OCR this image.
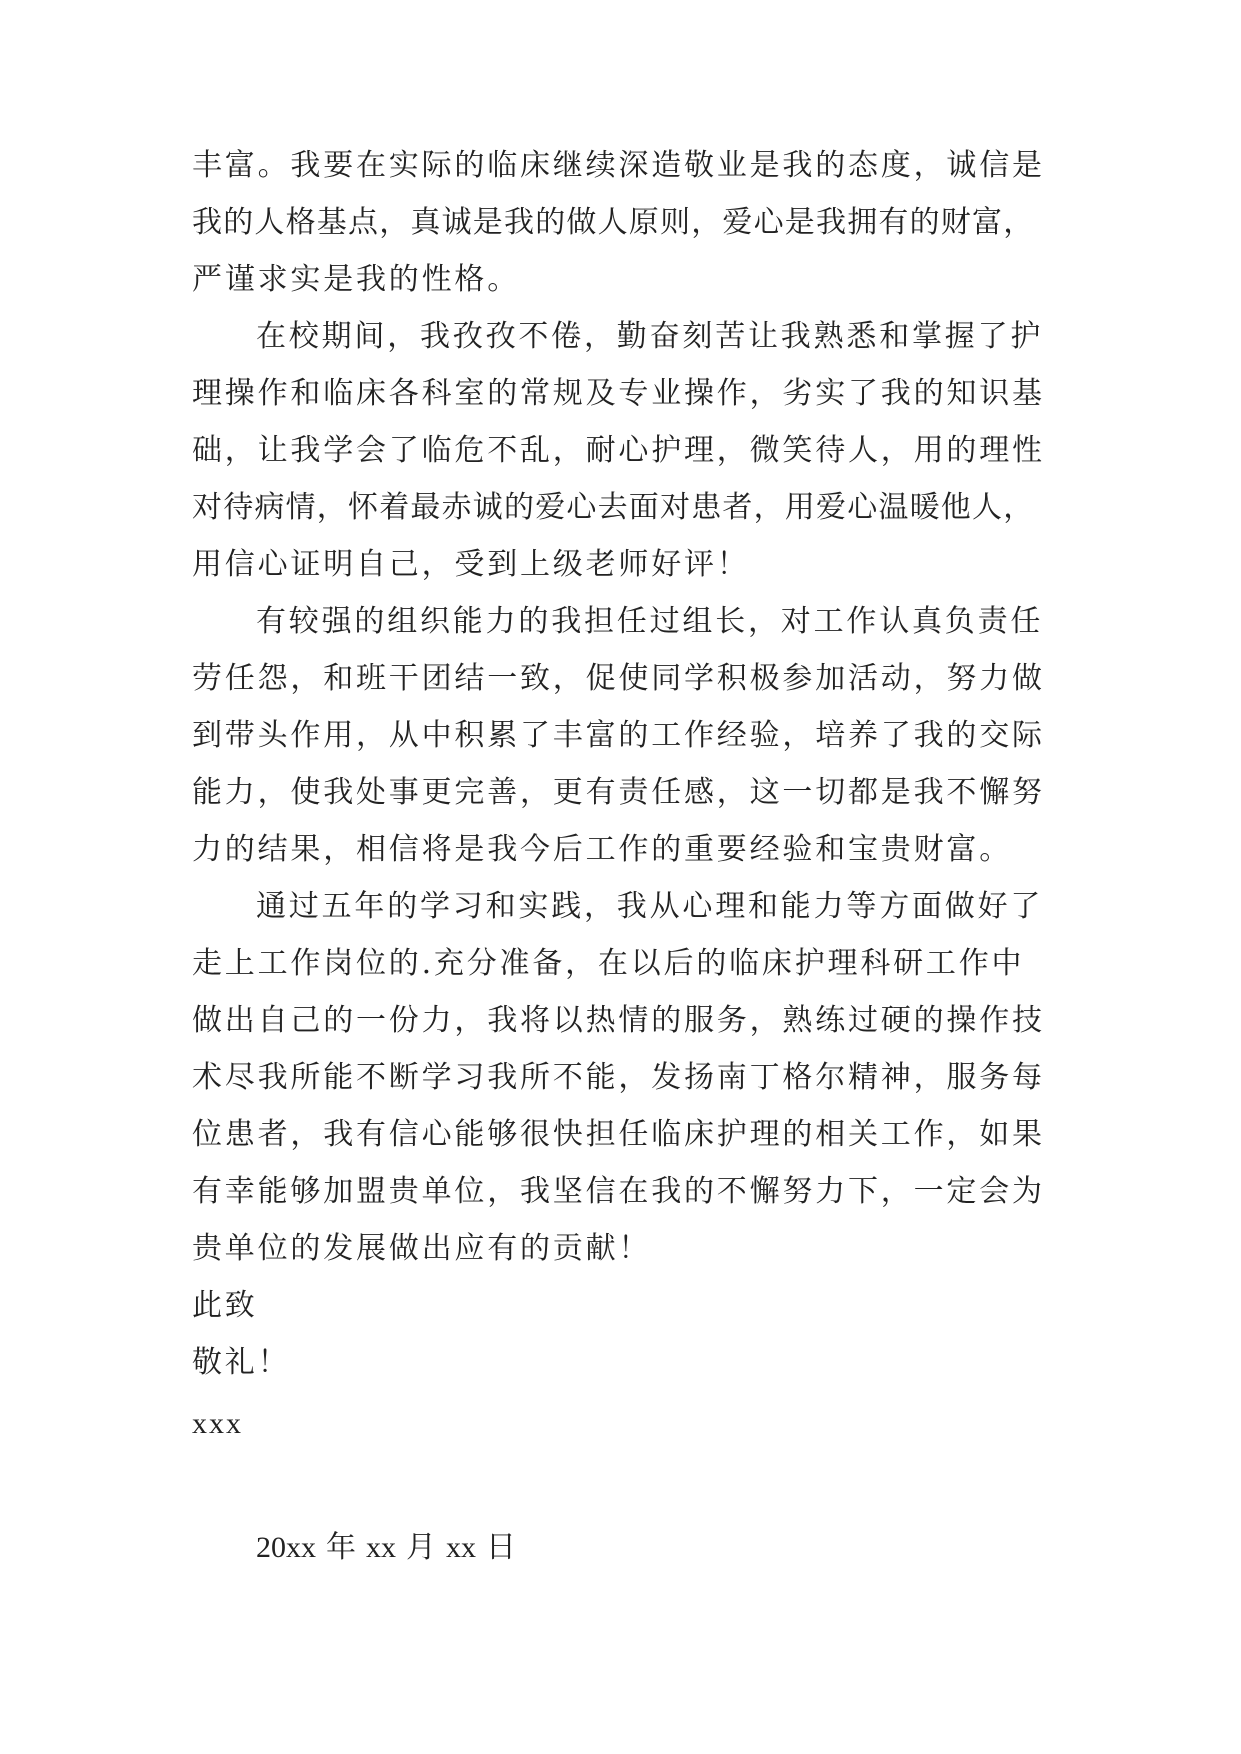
丰富。我要在实际的临床继续深造敬业是我的态度，诚信是
我的人格基点，真诚是我的做人原则，爱心是我拥有的财富，
严谨求实是我的性格。
在校期间，我孜孜不倦，勤奋刻苦让我熟悉和掌握了护
理操作和临床各科室的常规及专业操作，劣实了我的知识基
础，让我学会了临危不乱，耐心护理，微笑待人，用的理性
对待病情，怀着最赤诚的爱心去面对患者，用爱心温暖他人，
用信心证明自己，受到上级老师好评！
有较强的组织能力的我担任过组长，对工作认真负责任
劳任怨，和班干团结一致，促使同学积极参加活动，努力做
到带头作用，从中积累了丰富的工作经验，培养了我的交际
能力，使我处事更完善，更有责任感，这一切都是我不懈努
力的结果，相信将是我今后工作的重要经验和宝贵财富。
通过五年的学习和实践，我从心理和能力等方面做好了
走上工作岗位的.充分准备，在以后的临床护理科研工作中
做出自己的一份力，我将以热情的服务，熟练过硬的操作技
术尽我所能不断学习我所不能，发扬南丁格尔精神，服务每
位患者，我有信心能够很快担任临床护理的相关工作，如果
有幸能够加盟贵单位，我坚信在我的不懈努力下，一定会为
贵单位的发展做出应有的贡献！
此致
敬礼！
xxx
20xx 年 xx 月 xx 日
